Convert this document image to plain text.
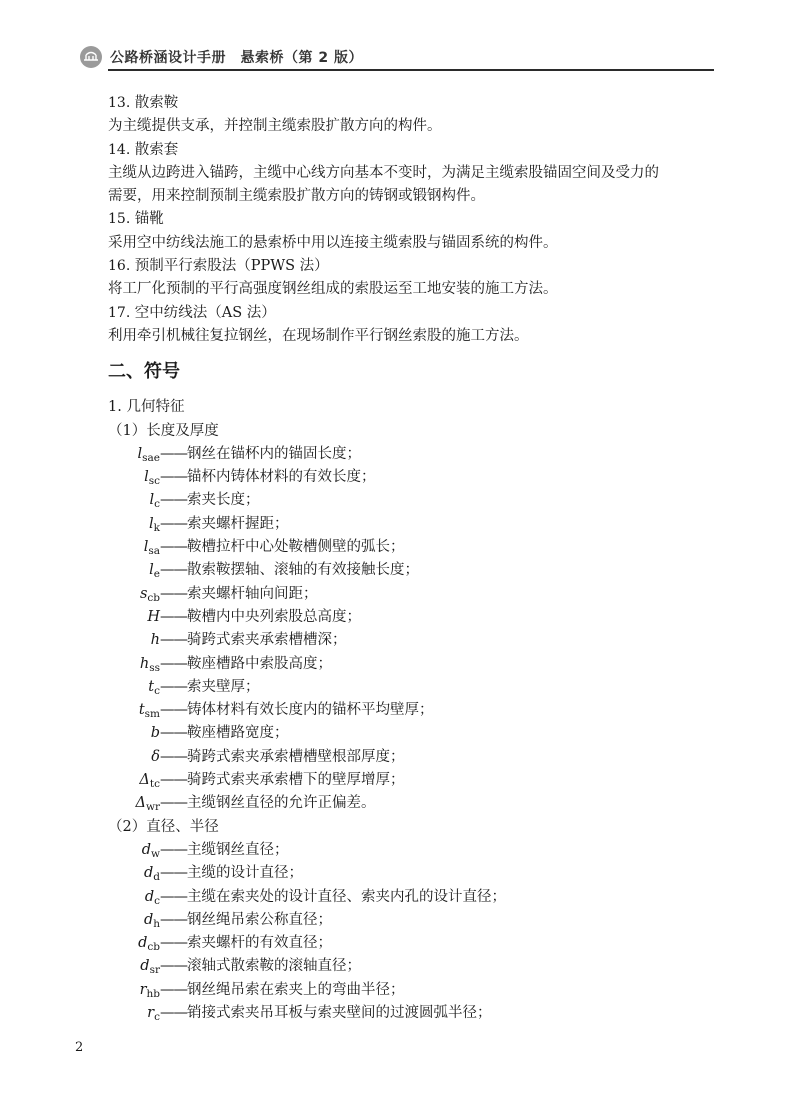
公路桥涵设计手册　悬索桥（第 2 版）
13. 散索鞍
为主缆提供支承，并控制主缆索股扩散方向的构件。
14. 散索套
主缆从边跨进入锚跨，主缆中心线方向基本不变时，为满足主缆索股锚固空间及受力的
需要，用来控制预制主缆索股扩散方向的铸钢或锻钢构件。
15. 锚靴
采用空中纺线法施工的悬索桥中用以连接主缆索股与锚固系统的构件。
16. 预制平行索股法（PPWS 法）
将工厂化预制的平行高强度钢丝组成的索股运至工地安装的施工方法。
17. 空中纺线法（AS 法）
利用牵引机械往复拉钢丝，在现场制作平行钢丝索股的施工方法。
二、符号
1. 几何特征
（1）长度及厚度
$l_{sae}$ —— 钢丝在锚杯内的锚固长度；
$l_{sc}$ —— 锚杯内铸体材料的有效长度；
$l_c$ —— 索夹长度；
$l_k$ —— 索夹螺杆握距；
$l_{sa}$ —— 鞍槽拉杆中心处鞍槽侧壁的弧长；
$l_e$ —— 散索鞍摆轴、滚轴的有效接触长度；
$s_{cb}$ —— 索夹螺杆轴向间距；
H —— 鞍槽内中央列索股总高度；
h —— 骑跨式索夹承索槽槽深；
$h_{ss}$ —— 鞍座槽路中索股高度；
$t_c$ —— 索夹壁厚；
$t_{sm}$ —— 铸体材料有效长度内的锚杯平均壁厚；
b —— 鞍座槽路宽度；
δ —— 骑跨式索夹承索槽槽壁根部厚度；
$\Delta_{tc}$ —— 骑跨式索夹承索槽下的壁厚增厚；
$\Delta_{wr}$ —— 主缆钢丝直径的允许正偏差。
（2）直径、半径
$d_w$ —— 主缆钢丝直径；
$d_d$ —— 主缆的设计直径；
$d_c$ —— 主缆在索夹处的设计直径、索夹内孔的设计直径；
$d_h$ —— 钢丝绳吊索公称直径；
$d_{cb}$ —— 索夹螺杆的有效直径；
$d_{sr}$ —— 滚轴式散索鞍的滚轴直径；
$r_{hb}$ —— 钢丝绳吊索在索夹上的弯曲半径；
$r_c$ —— 销接式索夹吊耳板与索夹壁间的过渡圆弧半径；
2
